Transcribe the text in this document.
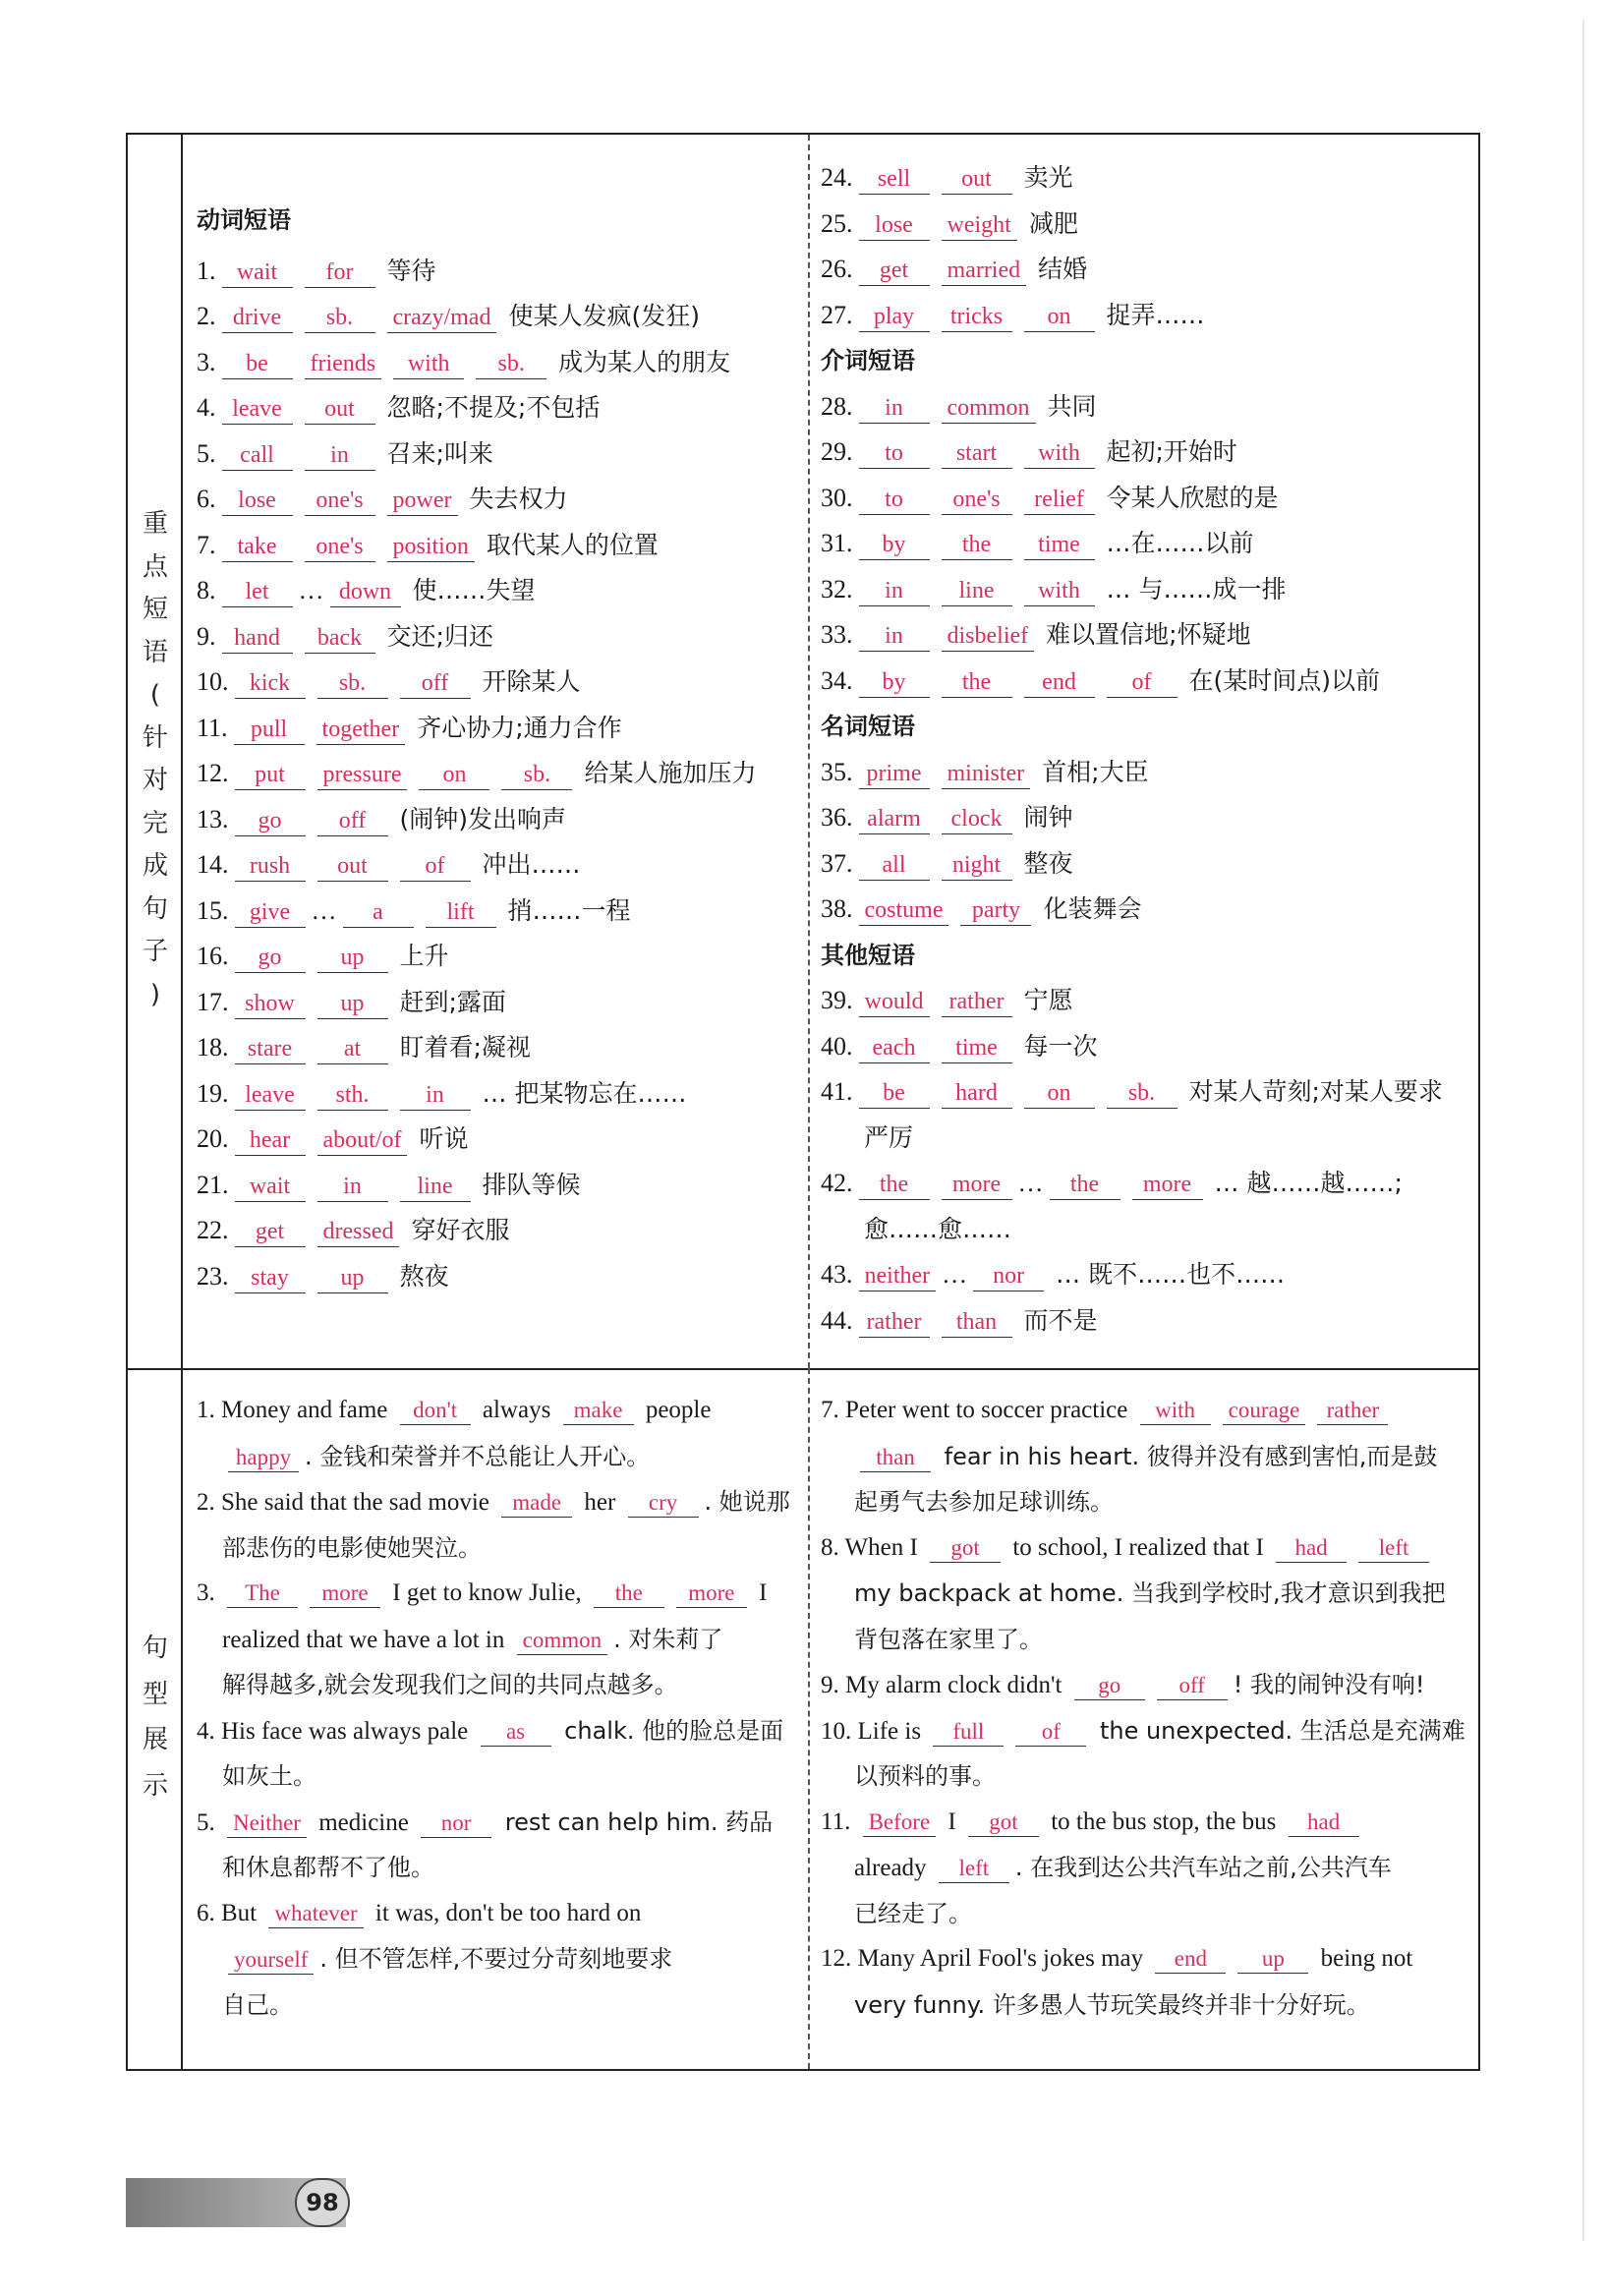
重
点
短
语
(
针
对
完
成
句
子
)
动词短语
1. wait for 等待
2. drive sb. crazy/mad 使某人发疯(发狂)
3. be friends with sb. 成为某人的朋友
4. leave out 忽略;不提及;不包括
5. call in 召来;叫来
6. lose one's power 失去权力
7. take one's position 取代某人的位置
8. let … down 使……失望
9. hand back 交还;归还
10. kick sb. off 开除某人
11. pull together 齐心协力;通力合作
12. put pressure on sb. 给某人施加压力
13. go off (闹钟)发出响声
14. rush out of 冲出……
15. give … a	lift 捎……一程
16. go	up 上升
17. show up 赶到;露面
18. stare at 盯着看;凝视
19. leave sth. in … 把某物忘在……
20. hear about/of 听说
21. wait in line 排队等候
22. get dressed 穿好衣服
23. stay up 熬夜
24. sell out 卖光
25. lose weight 减肥
26. get married 结婚
27. play tricks on 捉弄……
介词短语
28. in common 共同
29. to start with 起初;开始时
30. to one's relief 令某人欣慰的是
31. by the time …在……以前
32. in line with … 与……成一排
33. in disbelief 难以置信地;怀疑地
34. by the end of 在(某时间点)以前
名词短语
35. prime minister 首相;大臣
36. alarm clock 闹钟
37. all night 整夜
38. costume party 化装舞会
其他短语
39. would rather 宁愿
40. each time 每一次
41. be hard on sb. 对某人苛刻;对某人要求
严厉
42. the more … the more … 越……越……;
愈……愈……
43. neither … nor … 既不……也不……
44. rather than 而不是
句
型
展
示
1. Money and fame don't always make people
happy . 金钱和荣誉并不总能让人开心。
2. She said that the sad movie made her cry . 她说那
部悲伤的电影使她哭泣。
3. The more I get to know Julie, the more I
realized that we have a lot in common . 对朱莉了
解得越多,就会发现我们之间的共同点越多。
4. His face was always pale as chalk. 他的脸总是面
如灰土。
5. Neither medicine nor rest can help him. 药品
和休息都帮不了他。
6. But whatever it was, don't be too hard on
yourself . 但不管怎样,不要过分苛刻地要求
自己。
7. Peter went to soccer practice with courage rather
than fear in his heart. 彼得并没有感到害怕,而是鼓
起勇气去参加足球训练。
8. When I got to school, I realized that I had left
my backpack at home. 当我到学校时,我才意识到我把
背包落在家里了。
9. My alarm clock didn't go	off ! 我的闹钟没有响!
10. Life is full	of the unexpected. 生活总是充满难
以预料的事。
11. Before I got to the bus stop, the bus had
already left . 在我到达公共汽车站之前,公共汽车
已经走了。
12. Many April Fool's jokes may end up being not
very funny. 许多愚人节玩笑最终并非十分好玩。
98
